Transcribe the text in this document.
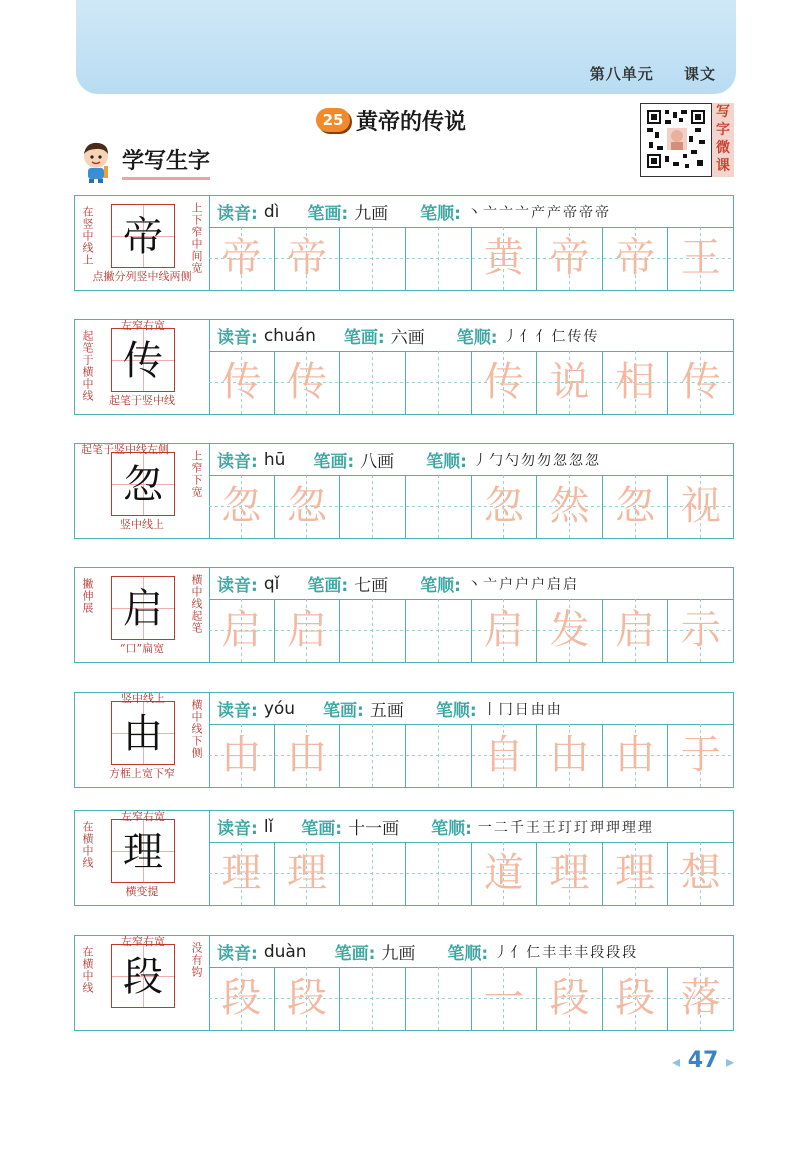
第八单元 课文
25 黄帝的传说	写字微课
学写生字
帝
在竖中线上	上下窄中间宽
点撇分列竖中线两侧
读音: dì 笔画: 九画 笔顺: 丶 亠 亠 亠 产 产 帝 帝 帝
帝 帝	黄 帝 帝 王
传
左窄右宽
起笔于横中线	起笔于竖中线
读音: chuán 笔画: 六画 笔顺: 丿 亻 亻 仁 传 传
传 传	传 说 相 传
忽
起笔于竖中线左侧
上窄下宽
竖中线上
读音: hū 笔画: 八画 笔顺: 丿 勹 勺 勿 勿 忽 忽 忽
忽 忽	忽 然 忽 视
启
撇伸展	横中线起笔
“口”扁宽
读音: qǐ 笔画: 七画 笔顺: 丶 亠 户 户 户 启 启
启 启	启 发 启 示
由
竖中线上
横中线下侧
方框上宽下窄
读音: yóu 笔画: 五画 笔顺: 丨 冂 日 由 由
由 由	自 由 由 于
理
左窄右宽
在横中线
横变提
读音: lǐ 笔画: 十一画 笔顺: 一 二 千 王 王 玎 玎 玾 玾 理 理
理 理	道 理 理 想
段
左窄右宽
在横中线	没有钩 读音: duàn 笔画: 九画 笔顺: 丿 亻 仁 丰 丰 丰 段 段 段
段 段	一 段 段 落
◂ 47 ▸
